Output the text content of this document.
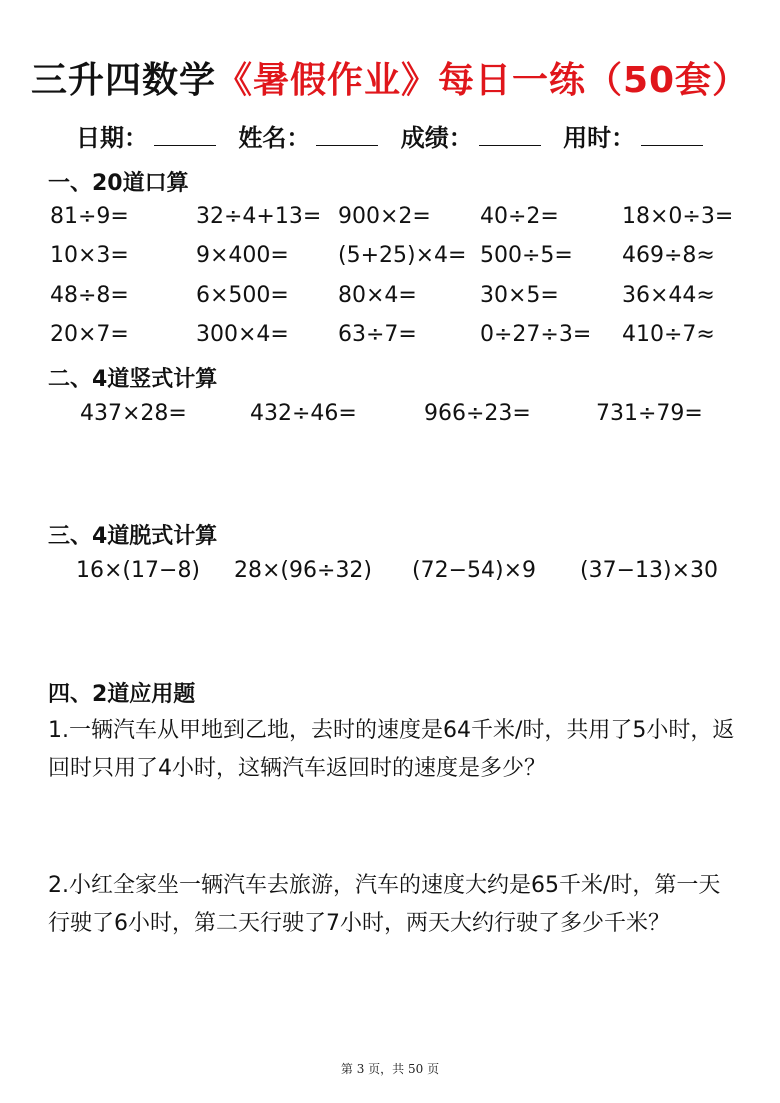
三升四数学《暑假作业》每日一练（50套）
日期：	姓名：	成绩：	用时：
一、20道口算
81÷9=	32÷4+13= 900×2= 40÷2=	18×0÷3=
10×3=	9×400= (5+25)×4= 500÷5= 469÷8≈
48÷8=	6×500= 80×4=	30×5=	36×44≈
20×7=	300×4= 63÷7=	0÷27÷3= 410÷7≈
二、4道竖式计算
437×28=	432÷46=	966÷23=	731÷79=
三、4道脱式计算
16×(17−8) 28×(96÷32) (72−54)×9 (37−13)×30
四、2道应用题
1.一辆汽车从甲地到乙地，去时的速度是64千米/时，共用了5小时，返回时只用了4小时，这辆汽车返回时的速度是多少？
2.小红全家坐一辆汽车去旅游，汽车的速度大约是65千米/时，第一天行驶了6小时，第二天行驶了7小时，两天大约行驶了多少千米？
第 3 页，共 50 页
